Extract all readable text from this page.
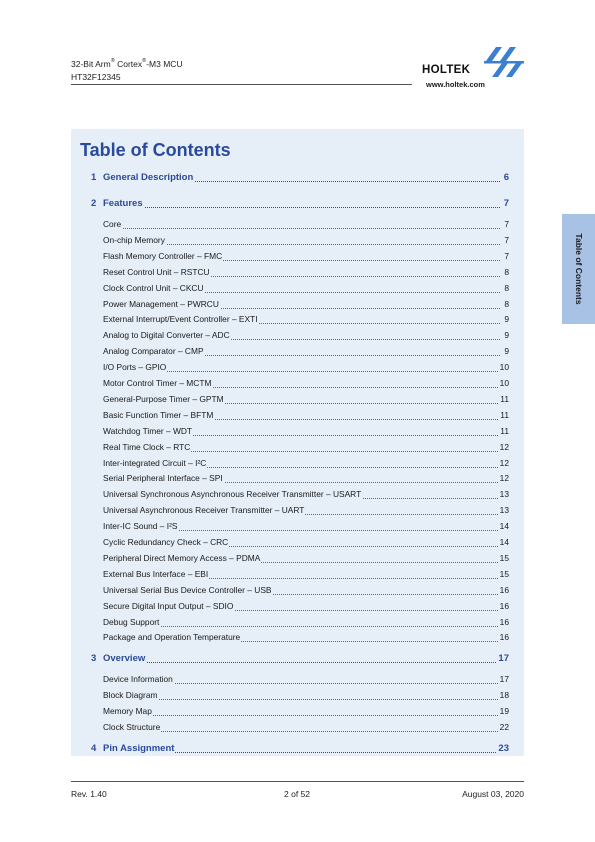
32-Bit Arm® Cortex®-M3 MCU
HT32F12345
HOLTEK
www.holtek.com
Table of Contents
1 General Description	6
2 Features	7
Core	7
On-chip Memory	7
Flash Memory Controller – FMC	7
Reset Control Unit – RSTCU	8
Clock Control Unit – CKCU	8
Power Management – PWRCU	8
External Interrupt/Event Controller – EXTI	9
Analog to Digital Converter – ADC	9
Analog Comparator – CMP	9
I/O Ports – GPIO	10
Motor Control Timer – MCTM	10
General-Purpose Timer – GPTM	11
Basic Function Timer – BFTM	11
Watchdog Timer – WDT	11
Real Time Clock – RTC	12
Inter-integrated Circuit – I²C	12
Serial Peripheral Interface – SPI	12
Universal Synchronous Asynchronous Receiver Transmitter – USART	13
Universal Asynchronous Receiver Transmitter – UART	13
Inter-IC Sound – I²S	14
Cyclic Redundancy Check – CRC	14
Peripheral Direct Memory Access – PDMA	15
External Bus Interface – EBI	15
Universal Serial Bus Device Controller – USB	16
Secure Digital Input Output – SDIO	16
Debug Support	16
Package and Operation Temperature	16
3 Overview	17
Device Information	17
Block Diagram	18
Memory Map	19
Clock Structure	22
4 Pin Assignment	23
Table of Contents
Rev. 1.40	2 of 52	August 03, 2020
